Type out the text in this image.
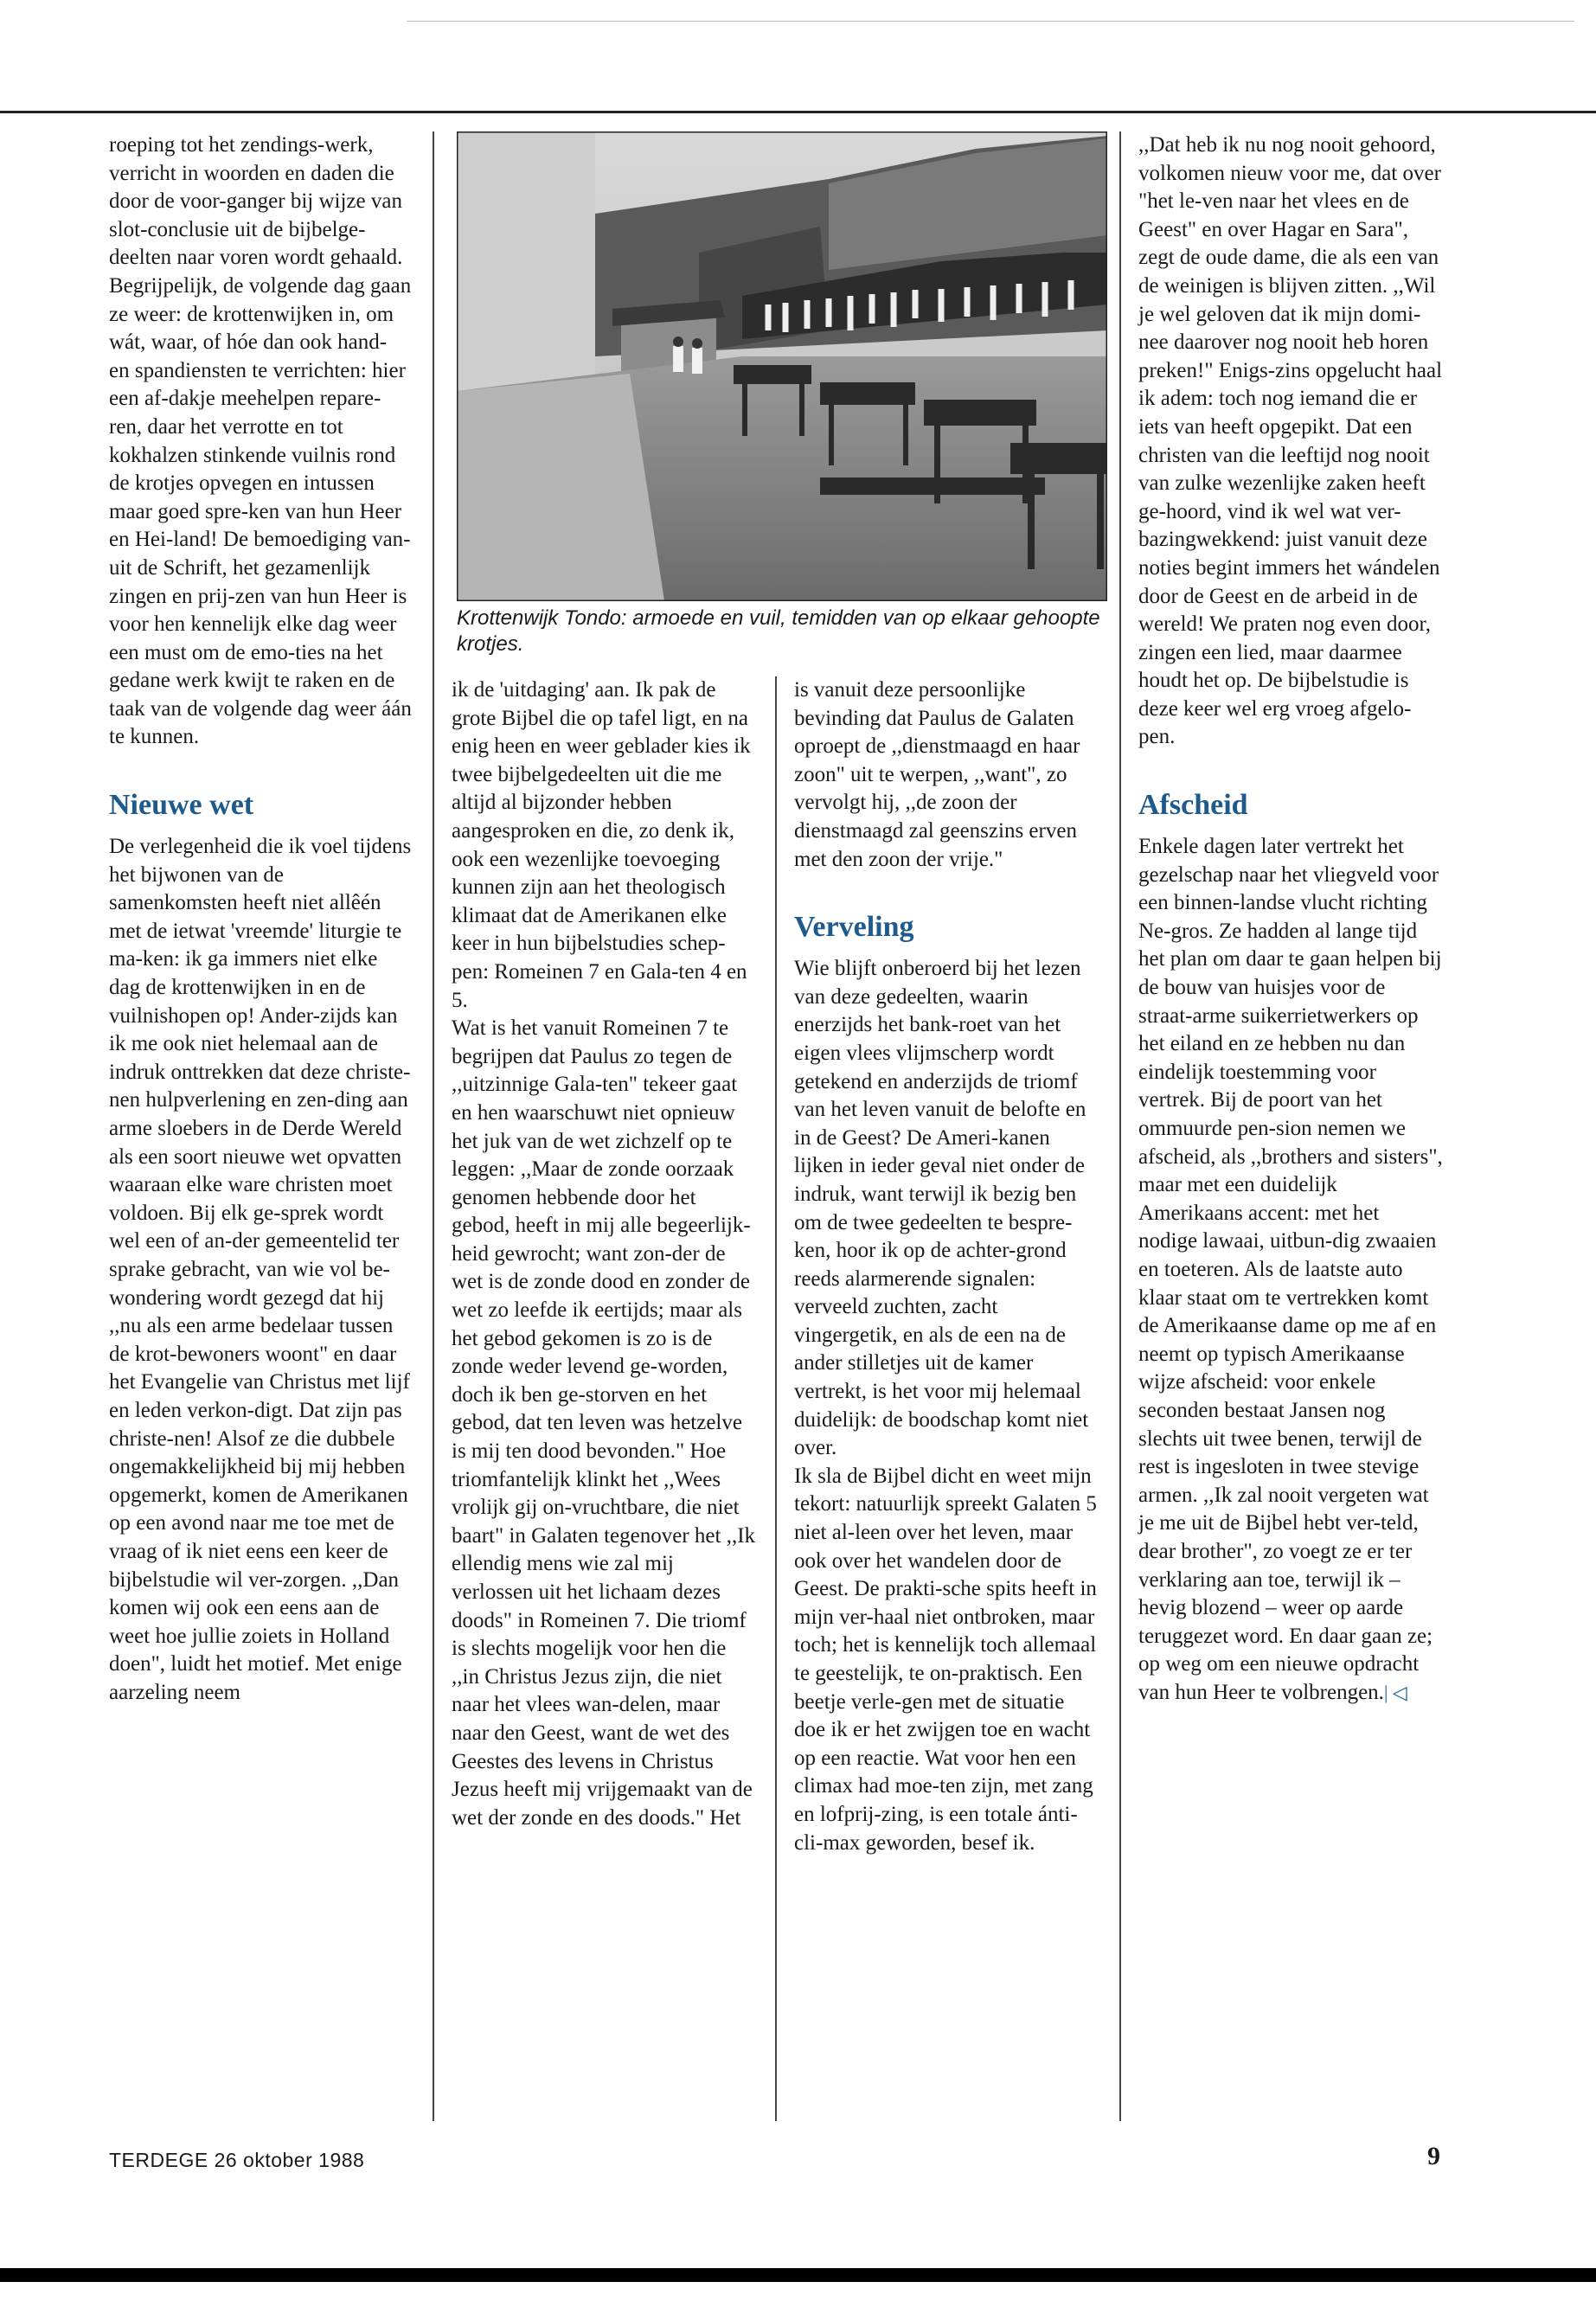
roeping tot het zendings-werk, verricht in woorden en daden die door de voor-ganger bij wijze van slot-conclusie uit de bijbelge-deelten naar voren wordt gehaald. Begrijpelijk, de volgende dag gaan ze weer: de krottenwijken in, om wát, waar, of hóe dan ook hand- en spandiensten te verrichten: hier een af-dakje meehelpen repare-ren, daar het verrotte en tot kokhalzen stinkende vuilnis rond de krotjes opvegen en intussen maar goed spre-ken van hun Heer en Hei-land! De bemoediging van-uit de Schrift, het gezamenlijk zingen en prij-zen van hun Heer is voor hen kennelijk elke dag weer een must om de emo-ties na het gedane werk kwijt te raken en de taak van de volgende dag weer áán te kunnen.

Nieuwe wet

De verlegenheid die ik voel tijdens het bijwonen van de samenkomsten heeft niet allêén met de ietwat 'vreemde' liturgie te ma-ken: ik ga immers niet elke dag de krottenwijken in en de vuilnishopen op! Ander-zijds kan ik me ook niet helemaal aan de indruk onttrekken dat deze christe-nen hulpverlening en zen-ding aan arme sloebers in de Derde Wereld als een soort nieuwe wet opvatten waaraan elke ware christen moet voldoen. Bij elk ge-sprek wordt wel een of an-der gemeentelid ter sprake gebracht, van wie vol be-wondering wordt gezegd dat hij ,,nu als een arme bedelaar tussen de krot-bewoners woont" en daar het Evangelie van Christus met lijf en leden verkon-digt. Dat zijn pas christe-nen! Alsof ze die dubbele ongemakkelijkheid bij mij hebben opgemerkt, komen de Amerikanen op een avond naar me toe met de vraag of ik niet eens een keer de bijbelstudie wil ver-zorgen. ,,Dan komen wij ook een eens aan de weet hoe jullie zoiets in Holland doen", luidt het motief. Met enige aarzeling neem

Krottenwijk Tondo: armoede en vuil, temidden van op elkaar gehoopte krotjes.

ik de 'uitdaging' aan. Ik pak de grote Bijbel die op tafel ligt, en na enig heen en weer geblader kies ik twee bijbelgedeelten uit die me altijd al bijzonder hebben aangesproken en die, zo denk ik, ook een wezenlijke toevoeging kunnen zijn aan het theologisch klimaat dat de Amerikanen elke keer in hun bijbelstudies schep-pen: Romeinen 7 en Gala-ten 4 en 5.

Wat is het vanuit Romeinen 7 te begrijpen dat Paulus zo tegen de ,,uitzinnige Gala-ten" tekeer gaat en hen waarschuwt niet opnieuw het juk van de wet zichzelf op te leggen: ,,Maar de zonde oorzaak genomen hebbende door het gebod, heeft in mij alle begeerlijk-heid gewrocht; want zon-der de wet is de zonde dood en zonder de wet zo leefde ik eertijds; maar als het gebod gekomen is zo is de zonde weder levend ge-worden, doch ik ben ge-storven en het gebod, dat ten leven was hetzelve is mij ten dood bevonden." Hoe triomfantelijk klinkt het ,,Wees vrolijk gij on-vruchtbare, die niet baart" in Galaten tegenover het ,,Ik ellendig mens wie zal mij verlossen uit het lichaam dezes doods" in Romeinen 7. Die triomf is slechts mogelijk voor hen die ,,in Christus Jezus zijn, die niet naar het vlees wan-delen, maar naar den Geest, want de wet des Geestes des levens in Christus Jezus heeft mij vrijgemaakt van de wet der zonde en des doods." Het

is vanuit deze persoonlijke bevinding dat Paulus de Galaten oproept de ,,dienstmaagd en haar zoon" uit te werpen, ,,want", zo vervolgt hij, ,,de zoon der dienstmaagd zal geenszins erven met den zoon der vrije."

Verveling

Wie blijft onberoerd bij het lezen van deze gedeelten, waarin enerzijds het bank-roet van het eigen vlees vlijmscherp wordt getekend en anderzijds de triomf van het leven vanuit de belofte en in de Geest? De Ameri-kanen lijken in ieder geval niet onder de indruk, want terwijl ik bezig ben om de twee gedeelten te bespre-ken, hoor ik op de achter-grond reeds alarmerende signalen: verveeld zuchten, zacht vingergetik, en als de een na de ander stilletjes uit de kamer vertrekt, is het voor mij helemaal duidelijk: de boodschap komt niet over.

Ik sla de Bijbel dicht en weet mijn tekort: natuurlijk spreekt Galaten 5 niet al-leen over het leven, maar ook over het wandelen door de Geest. De prakti-sche spits heeft in mijn ver-haal niet ontbroken, maar toch; het is kennelijk toch allemaal te geestelijk, te on-praktisch. Een beetje verle-gen met de situatie doe ik er het zwijgen toe en wacht op een reactie. Wat voor hen een climax had moe-ten zijn, met zang en lofprij-zing, is een totale ánti-cli-max geworden, besef ik.

,,Dat heb ik nu nog nooit gehoord, volkomen nieuw voor me, dat over "het le-ven naar het vlees en de Geest" en over Hagar en Sara", zegt de oude dame, die als een van de weinigen is blijven zitten. ,,Wil je wel geloven dat ik mijn domi-nee daarover nog nooit heb horen preken!" Enigs-zins opgelucht haal ik adem: toch nog iemand die er iets van heeft opgepikt. Dat een christen van die leeftijd nog nooit van zulke wezenlijke zaken heeft ge-hoord, vind ik wel wat ver-bazingwekkend: juist vanuit deze noties begint immers het wándelen door de Geest en de arbeid in de wereld! We praten nog even door, zingen een lied, maar daarmee houdt het op. De bijbelstudie is deze keer wel erg vroeg afgelo-pen.

Afscheid

Enkele dagen later vertrekt het gezelschap naar het vliegveld voor een binnen-landse vlucht richting Ne-gros. Ze hadden al lange tijd het plan om daar te gaan helpen bij de bouw van huisjes voor de straat-arme suikerrietwerkers op het eiland en ze hebben nu dan eindelijk toestemming voor vertrek. Bij de poort van het ommuurde pen-sion nemen we afscheid, als ,,brothers and sisters", maar met een duidelijk Amerikaans accent: met het nodige lawaai, uitbun-dig zwaaien en toeteren. Als de laatste auto klaar staat om te vertrekken komt de Amerikaanse dame op me af en neemt op typisch Amerikaanse wijze afscheid: voor enkele seconden bestaat Jansen nog slechts uit twee benen, terwijl de rest is ingesloten in twee stevige armen. ,,Ik zal nooit vergeten wat je me uit de Bijbel hebt ver-teld, dear brother", zo voegt ze er ter verklaring aan toe, terwijl ik – hevig blozend – weer op aarde teruggezet word. En daar gaan ze; op weg om een nieuwe opdracht van hun Heer te volbrengen.| ◁

TERDEGE 26 oktober 1988	9
